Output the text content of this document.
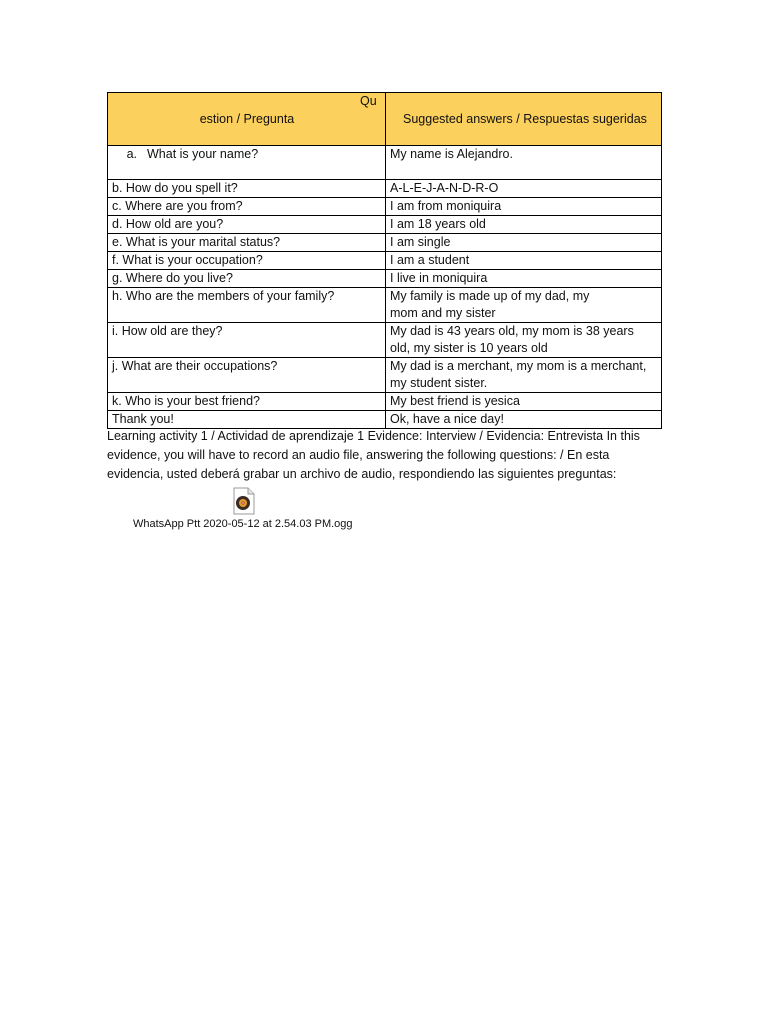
Qu
estion / Pregunta	Suggested answers / Respuestas sugeridas

a. What is your name?	My name is Alejandro.
b. How do you spell it?	A-L-E-J-A-N-D-R-O
c. Where are you from?	I am from moniquira
d. How old are you?	I am 18 years old
e. What is your marital status?	I am single
f. What is your occupation?	I am a student
g. Where do you live?	I live in moniquira
h. Who are the members of your family?	My family is made up of my dad, my
mom and my sister

i. How old are they?	My dad is 43 years old, my mom is 38 years
old, my sister is 10 years old

j. What are their occupations?	My dad is a merchant, my mom is a merchant,
my student sister.

k. Who is your best friend?	My best friend is yesica
Thank you!	Ok, have a nice day!
Learning activity 1 / Actividad de aprendizaje 1 Evidence: Interview / Evidencia: Entrevista In this evidence, you will have to record an audio file, answering the following questions: / En esta evidencia, usted deberá grabar un archivo de audio, respondiendo las siguientes preguntas:
WhatsApp Ptt 2020-05-12 at 2.54.03 PM.ogg
